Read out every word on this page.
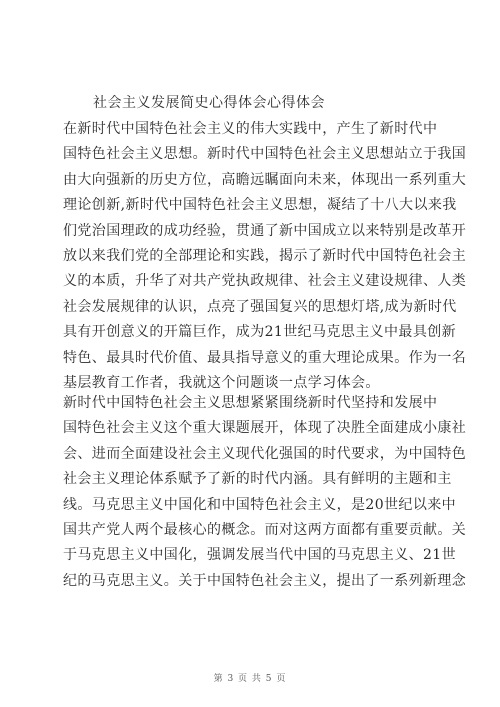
社会主义发展简史心得体会心得体会
在新时代中国特色社会主义的伟大实践中，产生了新时代中
国特色社会主义思想。新时代中国特色社会主义思想站立于我国
由大向强新的历史方位，高瞻远瞩面向未来，体现出一系列重大
理论创新,新时代中国特色社会主义思想，凝结了十八大以来我
们党治国理政的成功经验，贯通了新中国成立以来特别是改革开
放以来我们党的全部理论和实践，揭示了新时代中国特色社会主
义的本质，升华了对共产党执政规律、社会主义建设规律、人类
社会发展规律的认识，点亮了强国复兴的思想灯塔,成为新时代
具有开创意义的开篇巨作，成为21世纪马克思主义中最具创新
特色、最具时代价值、最具指导意义的重大理论成果。作为一名
基层教育工作者，我就这个问题谈一点学习体会。
新时代中国特色社会主义思想紧紧围绕新时代坚持和发展中
国特色社会主义这个重大课题展开，体现了决胜全面建成小康社
会、进而全面建设社会主义现代化强国的时代要求，为中国特色
社会主义理论体系赋予了新的时代内涵。具有鲜明的主题和主
线。马克思主义中国化和中国特色社会主义，是20世纪以来中
国共产党人两个最核心的概念。而对这两方面都有重要贡献。关
于马克思主义中国化，强调发展当代中国的马克思主义、21世
纪的马克思主义。关于中国特色社会主义，提出了一系列新理念
第 3 页 共 5 页
